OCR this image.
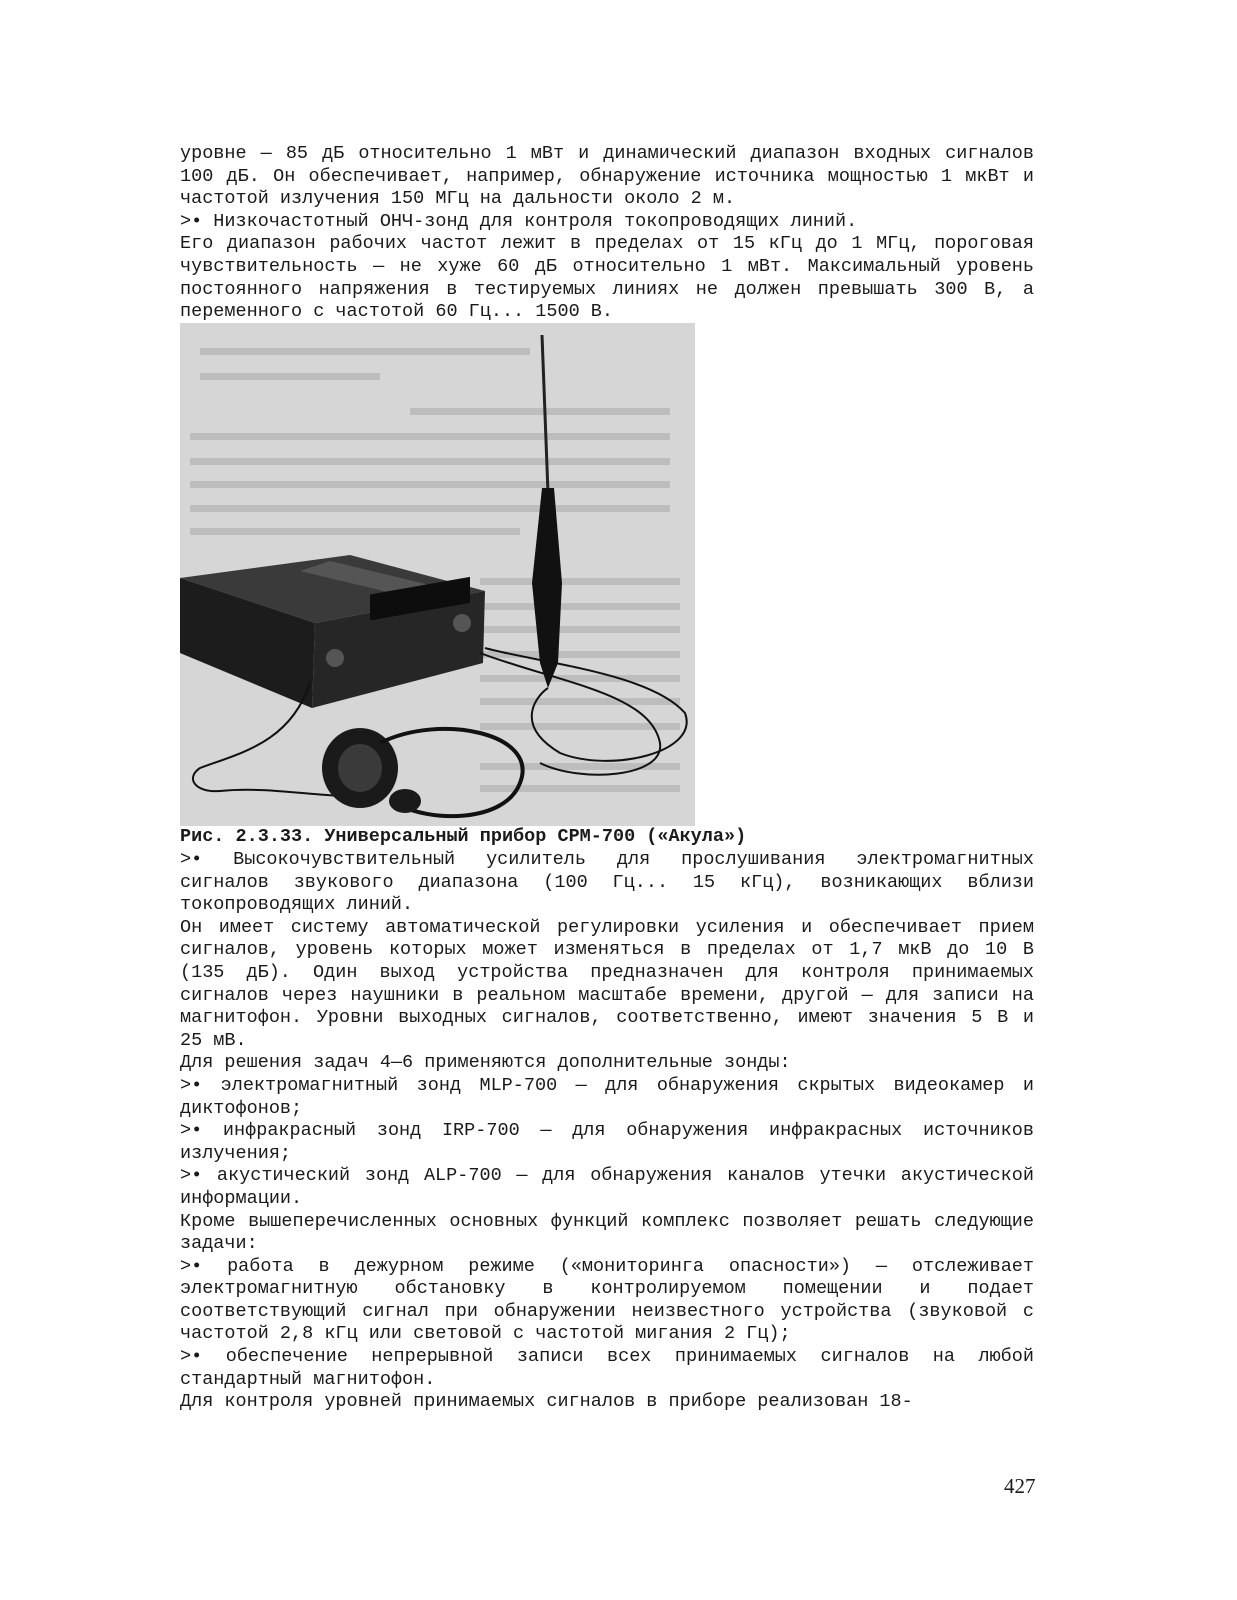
уровне — 85 дБ относительно 1 мВт и динамический диапазон входных сигналов 100 дБ. Он обеспечивает, например, обнаружение источника мощностью 1 мкВт и частотой излучения 150 МГц на дальности около 2 м.

>• Низкочастотный ОНЧ-зонд для контроля токопроводящих линий.

Его диапазон рабочих частот лежит в пределах от 15 кГц до 1 МГц, пороговая чувствительность — не хуже 60 дБ относительно 1 мВт. Максимальный уровень постоянного напряжения в тестируемых линиях не должен превышать 300 В, а переменного с частотой 60 Гц... 1500 В.

Рис. 2.3.33. Универсальный прибор СРМ-700 («Акула»)

>• Высокочувствительный усилитель для прослушивания электромагнитных сигналов звукового диапазона (100 Гц... 15 кГц), возникающих вблизи токопроводящих линий.

Он имеет систему автоматической регулировки усиления и обеспечивает прием сигналов, уровень которых может изменяться в пределах от 1,7 мкВ до 10 В (135 дБ). Один выход устройства предназначен для контроля принимаемых сигналов через наушники в реальном масштабе времени, другой — для записи на магнитофон. Уровни выходных сигналов, соответственно, имеют значения 5 В и 25 мВ.

Для решения задач 4—6 применяются дополнительные зонды:

>• электромагнитный зонд MLP-700 — для обнаружения скрытых видеокамер и диктофонов;

>• инфракрасный зонд IRP-700 — для обнаружения инфракрасных источников излучения;

>• акустический зонд ALP-700 — для обнаружения каналов утечки акустической информации.

Кроме вышеперечисленных основных функций комплекс позволяет решать следующие задачи:

>• работа в дежурном режиме («мониторинга опасности») — отслеживает электромагнитную обстановку в контролируемом помещении и подает соответствующий сигнал при обнаружении неизвестного устройства (звуковой с частотой 2,8 кГц или световой с частотой мигания 2 Гц);

>• обеспечение непрерывной записи всех принимаемых сигналов на любой стандартный магнитофон.

Для контроля уровней принимаемых сигналов в приборе реализован 18-

427
